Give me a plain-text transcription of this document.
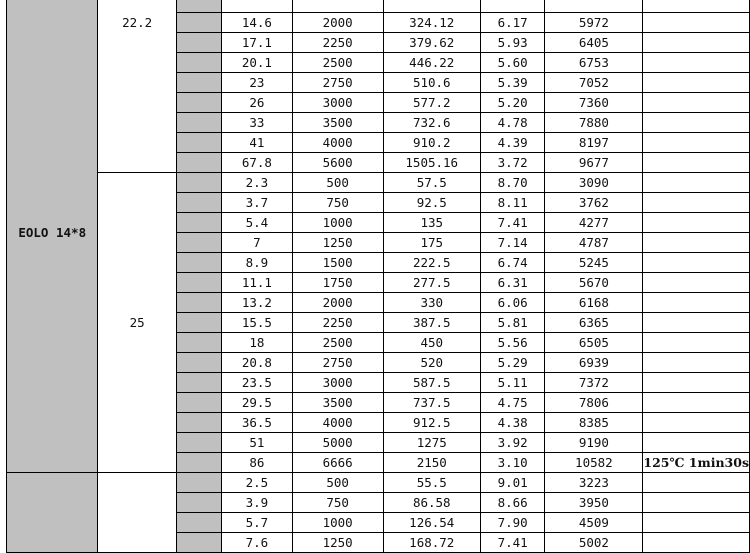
EOLO 14*8	22.2							
			14.6	2000	324.12	6.17	5972	
			17.1	2250	379.62	5.93	6405	
			20.1	2500	446.22	5.60	6753	
			23	2750	510.6	5.39	7052	
			26	3000	577.2	5.20	7360	
			33	3500	732.6	4.78	7880	
			41	4000	910.2	4.39	8197	
			67.8	5600	1505.16	3.72	9677	
	25		2.3	500	57.5	8.70	3090	
			3.7	750	92.5	8.11	3762	
			5.4	1000	135	7.41	4277	
			7	1250	175	7.14	4787	
			8.9	1500	222.5	6.74	5245	
			11.1	1750	277.5	6.31	5670	
			13.2	2000	330	6.06	6168	
			15.5	2250	387.5	5.81	6365	
			18	2500	450	5.56	6505	
			20.8	2750	520	5.29	6939	
			23.5	3000	587.5	5.11	7372	
			29.5	3500	737.5	4.75	7806	
			36.5	4000	912.5	4.38	8385	
			51	5000	1275	3.92	9190	
			86	6666	2150	3.10	10582	125℃ 1min30s
			2.5	500	55.5	9.01	3223	
			3.9	750	86.58	8.66	3950	
			5.7	1000	126.54	7.90	4509	
			7.6	1250	168.72	7.41	5002	
